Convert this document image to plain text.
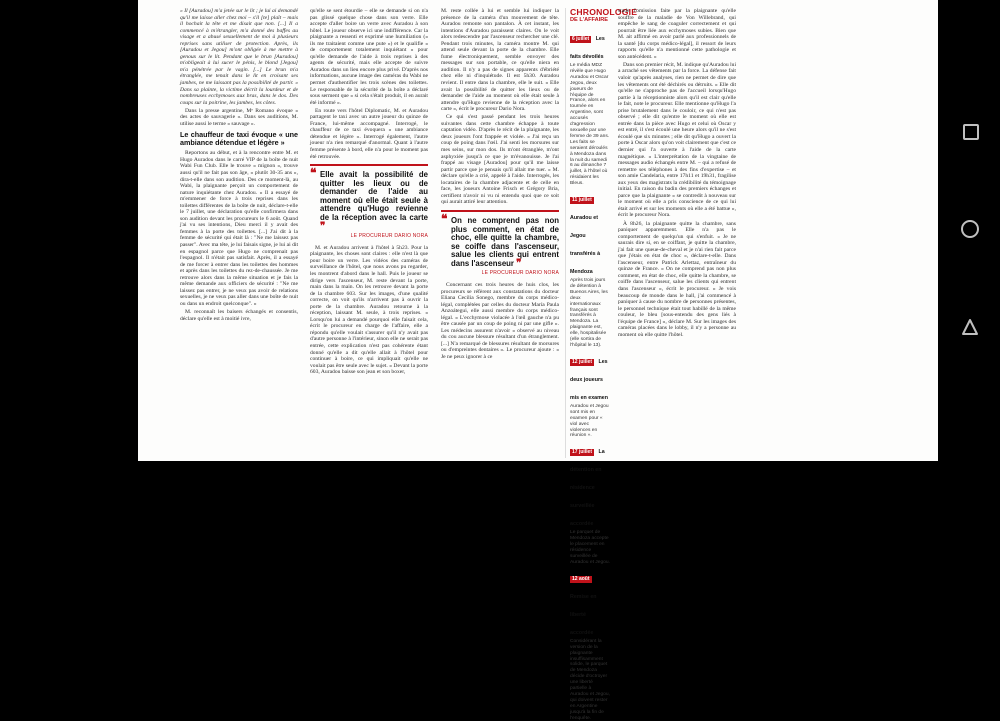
« Il [Auradou] m'a jetée sur le lit ; je lui ai demandé qu'il me laisse aller chez moi – s'il [te] plaît – mais il hochait la tête et me disait que non. [...] Il a commencé à m'étrangler, m'a donné des baffes au visage et a abusé sexuellement de moi à plusieurs reprises sans utiliser de protection. Après, ils [Auradou et Jegou] m'ont obligée à me mettre à genoux sur le lit. Pendant que le brun [Auradou] m'obligeait à lui sucer le pénis, le blond [Jegou] m'a pénétrée par le vagin. [...] Le brun m'a étranglée, me tenait dans le lit en croisant ses jambes, ne me laissant pas la possibilité de partir. » Dans sa plainte, la victime décrit la lourdeur et de nombreuses ecchymoses aux bras, dans le dos. Des coups sur la poitrine, les jambes, les côtes.

Dans la presse argentine, Mᵉ Romano évoque « des actes de sauvagerie ». Dans ses auditions, M. utilise aussi le terme « sauvage ».

Le chauffeur de taxi évoque « une ambiance détendue et légère »

Reportons au début, et à la rencontre entre M. et Hugo Auradou dans le carré VIP de la boîte de nuit Wabi Fun Club. Elle le trouve « mignon », trouve aussi qu'il ne fait pas son âge, « plutôt 30-35 ans », dira-t-elle dans son audition. Des ce moment-là, au Wabi, la plaignante perçoit un comportement de nature inquiétante chez Auradou. « Il a essayé de m'emmener de force à trois reprises dans les toilettes différentes de la boîte de nuit, déclare-t-elle le 7 juillet, une déclaration qu'elle confirmera dans son audition devant les procureurs le 6 août. Quand j'ai vu ses intentions, Dieu merci il y avait des femmes à la porte des toilettes. [...] J'ai dit à la femme de sécurité qui était là : "Ne me laissez pas passer". Avec ma tête, je lui faisais signe, je lui ai dit en espagnol parce que Hugo ne comprenait pas l'espagnol. Il n'était pas satisfait. Après, il a essayé de me forcer à entrer dans les toilettes des hommes et après dans les toilettes du rez-de-chaussée. Je me retrouve alors dans la même situation et je fais la même demande aux officiers de sécurité : "Ne me laissez pas entrer, je ne veux pas avoir de relations sexuelles, je ne veux pas aller dans une boîte de nuit ou dans un endroit quelconque". »

M. reconnaît les baisers échangés et consentis, déclare qu'elle est à moitié ivre,

qu'elle se sent étourdie – elle se demande si on n'a pas glissé quelque chose dans son verre. Elle accepte d'aller boire un verre avec Auradou à son hôtel. Le joueur observe ici une indifférence. Car la plaignante a ressenti et exprimé une humiliation (« ils me traitaient comme une pute ») et le qualifie « de comportement totalement inquiétant » pour qu'elle demande de l'aide à trois reprises à des agents de sécurité, mais elle accepte de suivre Auradou dans un lieu encore plus privé. D'après nos informations, aucune image des caméras du Wabi ne permet d'authentifier les trois scènes des toilettes. Le responsable de la sécurité de la boîte a déclaré sous serment que « si cela s'était produit, il en aurait été informé ».

En route vers l'hôtel Diplomatic, M. et Auradou partagent le taxi avec un autre joueur du quinze de France, lui-même accompagné. Interrogé, le chauffeur de ce taxi évoquera « une ambiance détendue et légère ». Interrogé également, l'autre joueur n'a rien remarqué d'anormal. Quant à l'autre femme présente à bord, elle n'a pour le moment pas été retrouvée.

❝ Elle avait la possibilité de quitter les lieux ou de demander de l'aide au moment où elle était seule à attendre qu'Hugo revienne de la réception avec la carte ❞
LE PROCUREUR DARIO NORA

M. et Auradou arrivent à l'hôtel à 5h23. Pour la plaignante, les choses sont claires : elle n'est là que pour boire un verre. Les vidéos des caméras de surveillance de l'hôtel, que nous avons pu regarder, les montrent d'abord dans le hall. Puis le joueur se dirige vers l'ascenseur, M. reste devant la porte, main dans la main. On les retrouve devant la porte de la chambre 603. Sur les images, d'une qualité correcte, on voit qu'ils n'arrivent pas à ouvrir la porte de la chambre. Auradou retourne à la réception, laissant M. seule, à trois reprises. « Lorsqu'on lui a demandé pourquoi elle faisait cela, écrit le procureur en charge de l'affaire, elle a répondu qu'elle voulait s'assurer qu'il n'y avait pas d'autre personne à l'intérieur, sinon elle ne serait pas entrée, cette explication n'est pas cohérente étant donné qu'elle a dit qu'elle allait à l'hôtel pour continuer à boire, ce qui impliquait qu'elle ne voulait pas être seule avec le sujet. » Devant la porte 603, Auradou baisse son jean et son boxer,

M. reste collée à lui et semble lui indiquer la présence de la caméra d'un mouvement de tête. Auradou remonte son pantalon. À cet instant, les intentions d'Auradou paraissent claires. On le voit alors redescendre par l'ascenseur rechercher une clé. Pendant trois minutes, la caméra montre M. qui attend seule devant la porte de la chambre. Elle fume électroniquement, semble envoyer des messages sur son portable, ce qu'elle niera en audition. Il n'y a pas de signes apparents d'ébriété chez elle ni d'inquiétude. Il est 5h30. Auradou revient. Il entre dans la chambre, elle le suit. « Elle avait la possibilité de quitter les lieux ou de demander de l'aide au moment où elle était seule à attendre qu'Hugo revienne de la réception avec la carte », écrit le procureur Dario Nora.

Ce qui s'est passé pendant les trois heures suivantes dans cette chambre échappe à toute captation vidéo. D'après le récit de la plaignante, les deux joueurs l'ont frappée et violée. « J'ai reçu un coup de poing dans l'œil. J'ai senti les morsures sur mes seins, sur mon dos. Ils m'ont étranglée, m'ont asphyxiée jusqu'à ce que je m'évanouisse. Je l'ai frappé au visage [Auradou] pour qu'il me laisse partir parce que je pensais qu'il allait me tuer. » M. déclare qu'elle a crié, appelé à l'aide. Interrogés, les locataires de la chambre adjacente et de celle en face, les joueurs Antoine Frisch et Grégory Bria, certifient n'avoir ni vu ni entendu quoi que ce soit qui aurait attiré leur attention.

❝ On ne comprend pas non plus comment, en état de choc, elle quitte la chambre, se coiffe dans l'ascenseur, salue les clients qui entrent dans l'ascenseur ❞
LE PROCUREUR DARIO NORA

Concernant ces trois heures de huis clos, les procureurs se réfèrent aux constatations du docteur Eliana Cecilia Sonego, membre du corps médico-légal, complétées par celles du docteur María Paula Anzoátegui, elle aussi membre du corps médico-légal. « L'ecchymose violacée à l'œil gauche n'a pu être causée par un coup de poing ni par une gifle ». Les médecins assurent n'avoir « observé au niveau du cou aucune blessure résultant d'un étranglement. [...] N'a remarqué de blessures résultant de morsures ou d'empreintes dentaires ». Le procureur ajoute : « Je ne peux ignorer à ce

CHRONOLOGIE
DE L'AFFAIRE
6 juillet Les faits dévoilés
Le média MDZ révèle que Hugo Auradou et Oscar Jegou, deux joueurs de l'équipe de France, alors en tournée en Argentine, sont accusés d'agression sexuelle par une femme de 39 ans. Les faits se seraient déroulés à Mendoza dans la nuit du samedi 6 au dimanche 7 juillet, à l'hôtel où résidaient les Bleus.
11 juillet Auradou et Jegou transférés à Mendoza
Après trois jours de détention à Buenos Aires, les deux internationaux français sont transférés à Mendoza. La plaignante est, elle, hospitalisée (elle sortira de l'hôpital le 13).
12 juillet Les deux joueurs mis en examen
Auradou et Jegou sont mis en examen pour « viol avec violences en réunion ».
17 juillet La détention en résidence surveillée accordée
Le parquet de Mendoza accepte le placement en résidence surveillée de Auradou et Jegou.
12 août Remise en liberté accordée
Considérant la version de la plaignante insuffisamment solide, le parquet de Mendoza décide d'octroyer une liberté partielle à Auradou et Jegou, qui doivent rester en Argentine jusqu'à la fin de l'enquête.

stade l'omission faite par la plaignante qu'elle souffre de la maladie de Von Willebrand, qui empêche le sang de coaguler correctement et qui pourrait être liée aux ecchymoses subies. Bien que M. ait affirmé en avoir parlé aux professionnels de la santé [du corps médico-légal], il ressort de leurs rapports qu'elle n'a mentionné cette pathologie et son antécédent. »

Dans son premier récit, M. indique qu'Auradou lui a arraché ses vêtements par la force. La défense fait valoir qu'après analyses, rien ne permet de dire que les vêtements ont été déchirés ou détruits. « Elle dit qu'elle ne s'approche pas de l'accueil lorsqu'Hugo partie à la réceptionniste alors qu'il est clair qu'elle le fait, note le procureur. Elle mentionne qu'Hugo l'a prise brutalement dans le couloir, ce qui n'est pas observé ; elle dit qu'entre le moment où elle est entrée dans la pièce avec Hugo et celui où Oscar y est entré, il s'est écoulé une heure alors qu'il ne s'est écoulé que six minutes ; elle dit qu'Hugo a ouvert la porte à Oscar alors qu'on voit clairement que c'est ce dernier qui l'a ouverte à l'aide de la carte magnétique. » L'interprétation de la vingtaine de messages audio échangés entre M. – qui a refusé de remettre ses téléphones à des fins d'expertise – et son amie Candelaria, entre 17h11 et 19h31, fragilise aux yeux des magistrats la crédibilité du témoignage initial. En raison du badin des premiers échanges et parce que la plaignante « se contredit à nouveau sur le moment où elle a pris conscience de ce qui lui était arrivé et sur les moments où elle a été battue », écrit le procureur Nora.

À 8h26, la plaignante quitte la chambre, sans paniquer apparemment. Elle n'a pas le comportement de quelqu'un qui s'enfuit. « Je ne saurais dire si, en se coiffant, je quitte la chambre, j'ai fait une queue-de-cheval et je n'ai rien fait parce que j'étais en état de choc », déclare-t-elle. Dans l'ascenseur, entre Patrick Arlettaz, entraîneur du quinze de France. « On ne comprend pas non plus comment, en état de choc, elle quitte la chambre, se coiffe dans l'ascenseur, salue les clients qui entrent dans l'ascenseur », écrit le procureur. « Je vois beaucoup de monde dans le hall, j'ai commencé à paniquer à cause du nombre de personnes présentes, le personnel technique était tout habillé de la même couleur, le bleu [sous-entendu des gens liés à l'équipe de France] », déclare M. Sur les images des caméras placées dans le lobby, il n'y a personne au moment où elle quitte l'hôtel.
